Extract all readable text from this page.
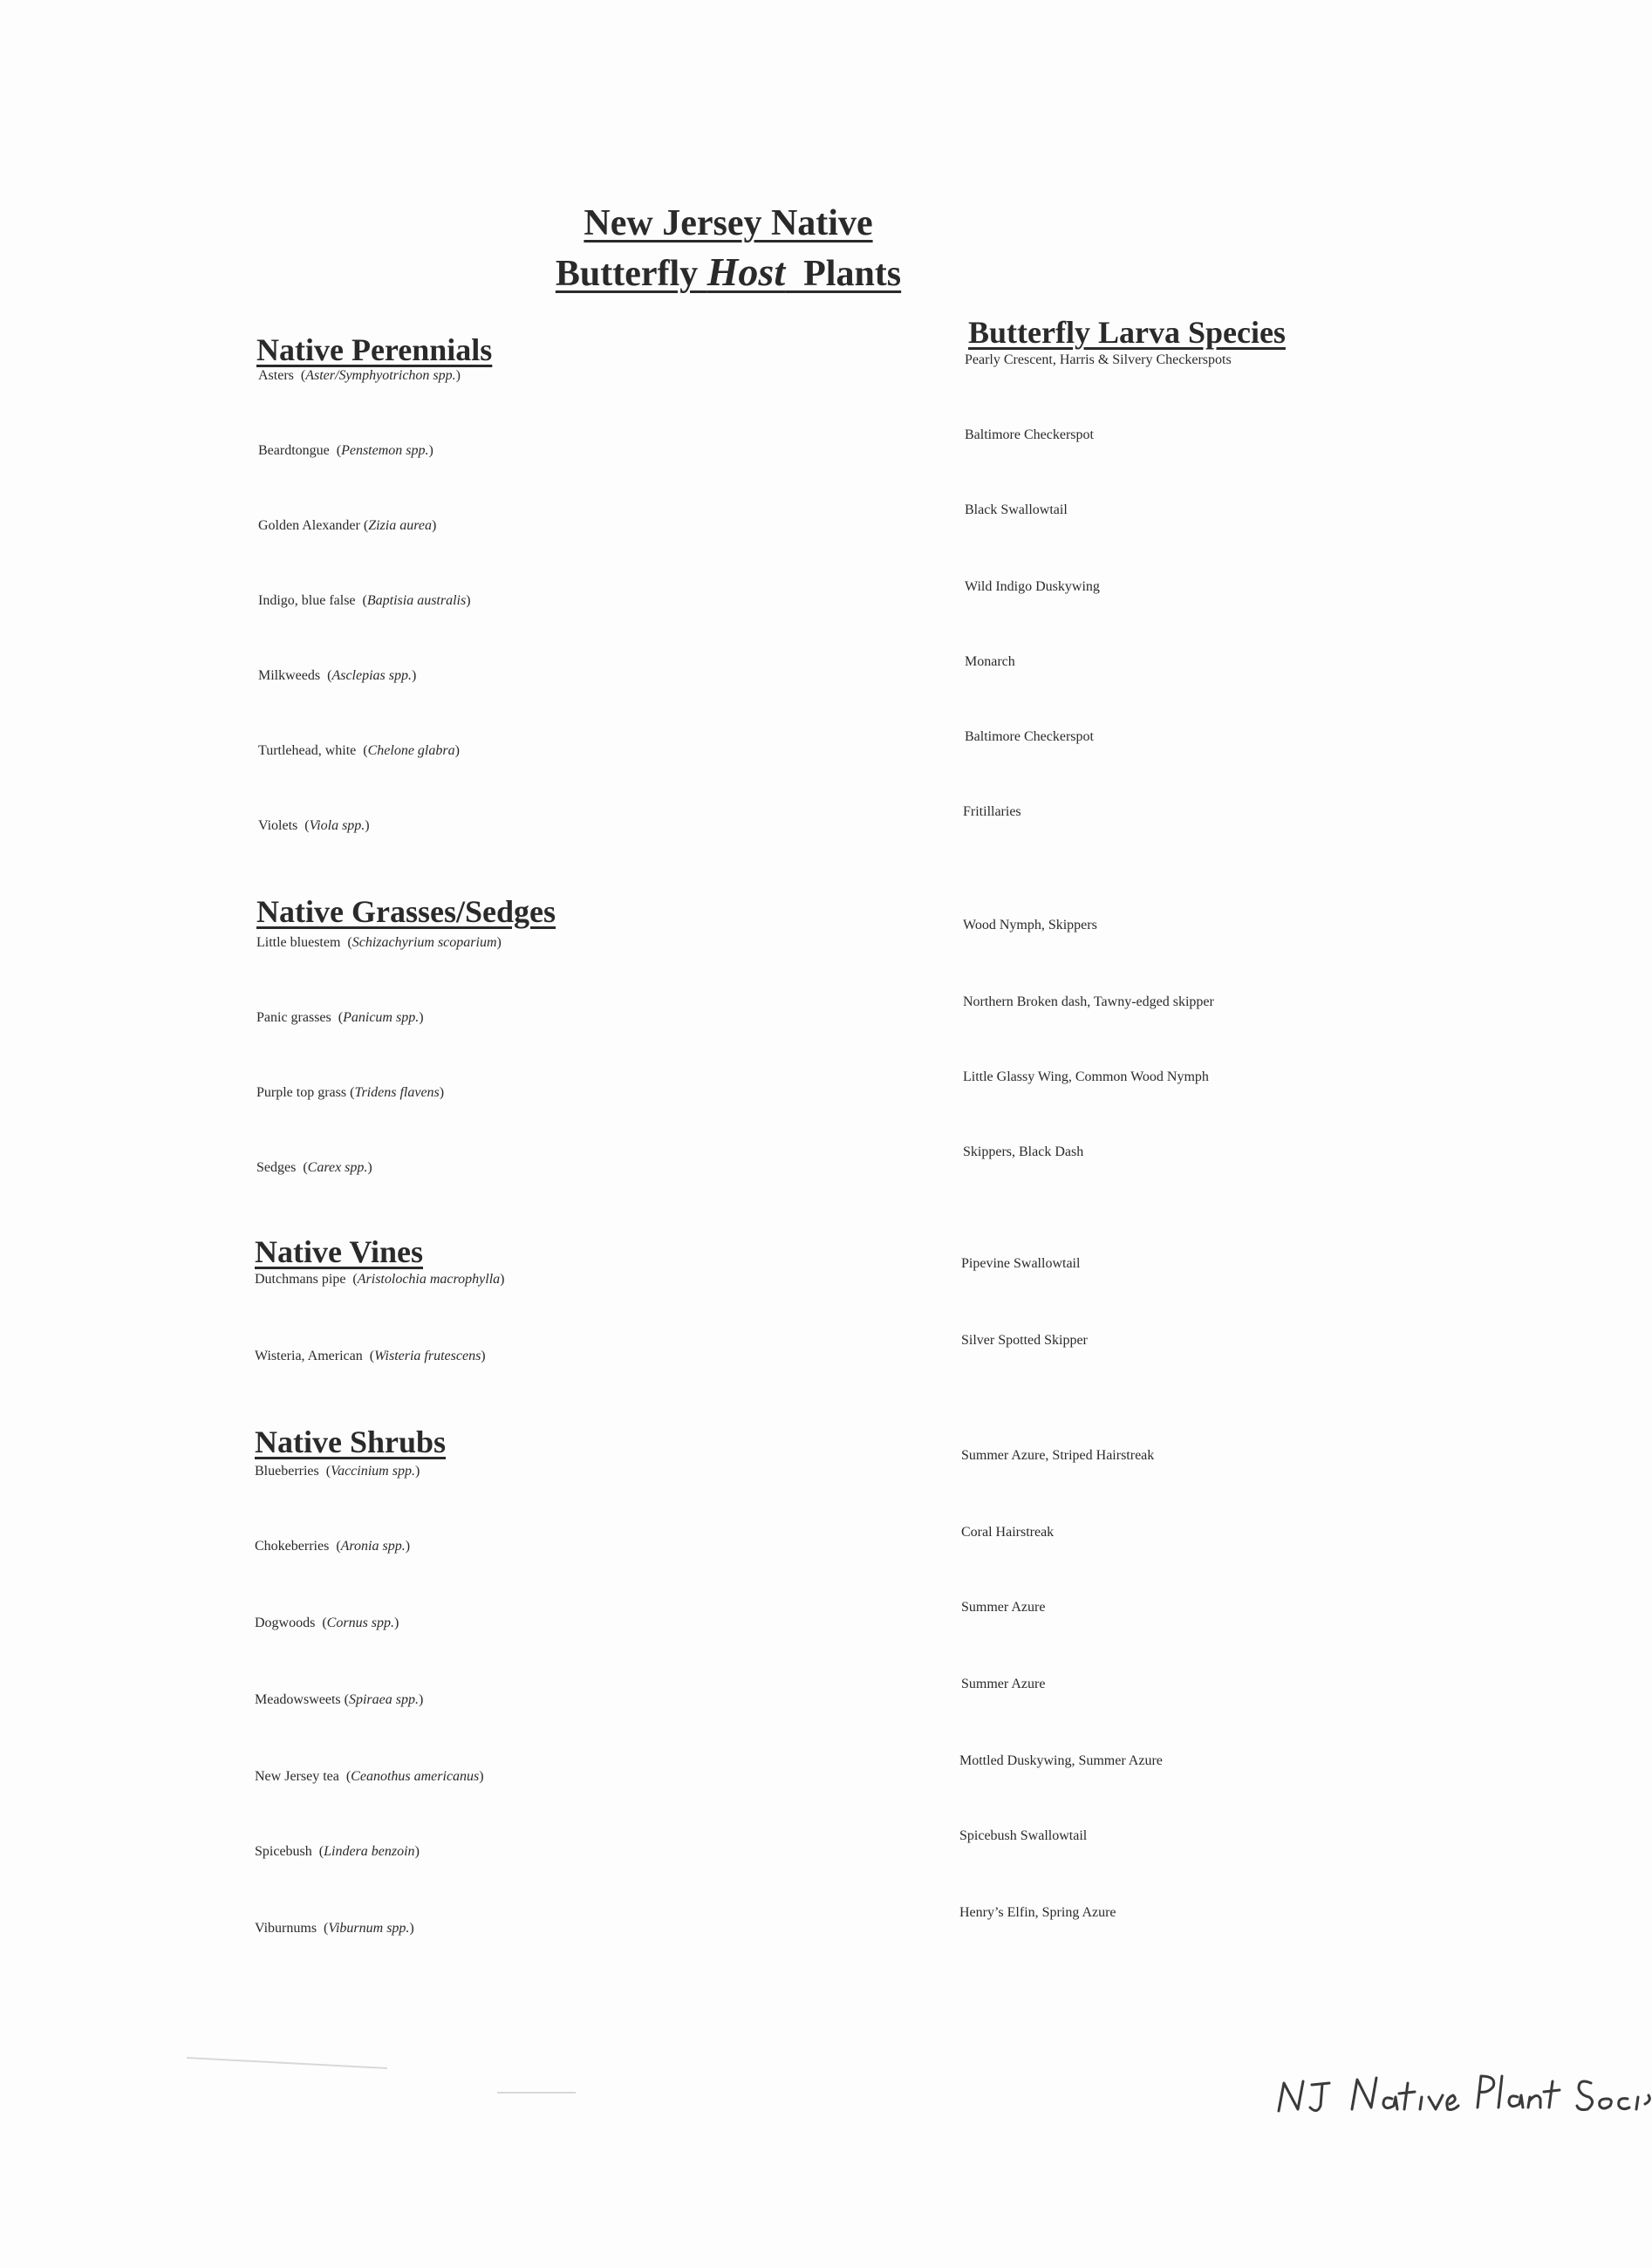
New Jersey Native
Butterfly Host  Plants
Butterfly Larva Species
Native Perennials
Asters  (Aster/Symphyotrichon spp.)
Pearly Crescent, Harris & Silvery Checkerspots
Beardtongue  (Penstemon spp.)
Baltimore Checkerspot
Golden Alexander (Zizia aurea)
Black Swallowtail
Indigo, blue false  (Baptisia australis)
Wild Indigo Duskywing
Milkweeds  (Asclepias spp.)
Monarch
Turtlehead, white  (Chelone glabra)
Baltimore Checkerspot
Violets  (Viola spp.)
Fritillaries
Native Grasses/Sedges
Little bluestem  (Schizachyrium scoparium)
Wood Nymph, Skippers
Panic grasses  (Panicum spp.)
Northern Broken dash, Tawny-edged skipper
Purple top grass (Tridens flavens)
Little Glassy Wing, Common Wood Nymph
Sedges  (Carex spp.)
Skippers, Black Dash
Native Vines
Dutchmans pipe  (Aristolochia macrophylla)
Pipevine Swallowtail
Wisteria, American  (Wisteria frutescens)
Silver Spotted Skipper
Native Shrubs
Blueberries  (Vaccinium spp.)
Summer Azure, Striped Hairstreak
Chokeberries  (Aronia spp.)
Coral Hairstreak
Dogwoods  (Cornus spp.)
Summer Azure
Meadowsweets (Spiraea spp.)
Summer Azure
New Jersey tea  (Ceanothus americanus)
Mottled Duskywing, Summer Azure
Spicebush  (Lindera benzoin)
Spicebush Swallowtail
Viburnums  (Viburnum spp.)
Henry’s Elfin, Spring Azure
